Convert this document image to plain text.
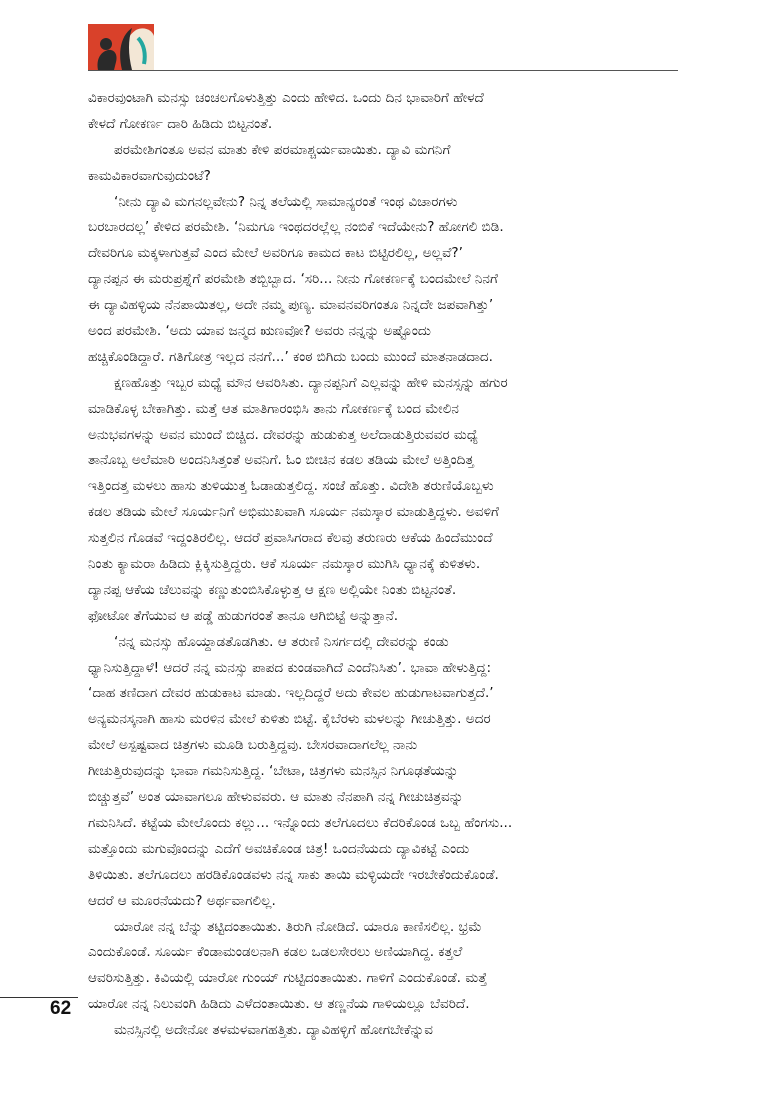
ವಿಕಾರವುಂಟಾಗಿ ಮನಸ್ಸು ಚಂಚಲಗೊಳುತ್ತಿತ್ತು ಎಂದು ಹೇಳಿದ. ಒಂದು ದಿನ ಭಾವಾರಿಗೆ ಹೇಳದೆ
ಕೇಳದೆ ಗೋಕರ್ಣ ದಾರಿ ಹಿಡಿದು ಬಿಟ್ಟನಂತೆ.
ಪರಮೇಶಿಗಂತೂ ಅವನ ಮಾತು ಕೇಳಿ ಪರಮಾಶ್ಚರ್ಯವಾಯಿತು. ದ್ಯಾವಿ ಮಗನಿಗೆ
ಕಾಮವಿಕಾರವಾಗುವುದುಂಟೆ?
‘ನೀನು ದ್ಯಾವಿ ಮಗನಲ್ಲವೇನು? ನಿನ್ನ ತಲೆಯಲ್ಲಿ ಸಾಮಾನ್ಯರಂತೆ ಇಂಥ ವಿಚಾರಗಳು
ಬರಬಾರದಲ್ಲ’ ಕೇಳಿದ ಪರಮೇಶಿ. ‘ನಿಮಗೂ ಇಂಥದರಲ್ಲೆಲ್ಲ ನಂಬಿಕೆ ಇದೆಯೇನು? ಹೋಗಲಿ ಬಿಡಿ.
ದೇವರಿಗೂ ಮಕ್ಕಳಾಗುತ್ತವೆ ಎಂದ ಮೇಲೆ ಅವರಿಗೂ ಕಾಮದ ಕಾಟ ಬಿಟ್ಟಿರಲಿಲ್ಲ, ಅಲ್ಲವೆ?’
ದ್ಯಾನಪ್ಪನ ಈ ಮರುಪ್ರಶ್ನೆಗೆ ಪರಮೇಶಿ ತಬ್ಬಿಬ್ಬಾದ. ‘ಸರಿ... ನೀನು ಗೋಕರ್ಣಕ್ಕೆ ಬಂದಮೇಲೆ ನಿನಗೆ
ಈ ದ್ಯಾವಿಹಳ್ಳಿಯ ನೆನಪಾಯಿತಲ್ಲ, ಅದೇ ನಮ್ಮ ಪುಣ್ಯ. ಮಾವನವರಿಗಂತೂ ನಿನ್ನದೇ ಜಪವಾಗಿತ್ತು’
ಅಂದ ಪರಮೇಶಿ. ‘ಅದು ಯಾವ ಜನ್ಮದ ಋಣವೋ? ಅವರು ನನ್ನನ್ನು ಅಷ್ಟೊಂದು
ಹಚ್ಚಿಕೊಂಡಿದ್ದಾರೆ. ಗತಿಗೋತ್ರ ಇಲ್ಲದ ನನಗೆ...’ ಕಂಠ ಬಿಗಿದು ಬಂದು ಮುಂದೆ ಮಾತನಾಡದಾದ.
ಕ್ಷಣಹೊತ್ತು ಇಬ್ಬರ ಮಧ್ಯೆ ಮೌನ ಆವರಿಸಿತು. ದ್ಯಾನಪ್ಪನಿಗೆ ಎಲ್ಲವನ್ನು ಹೇಳಿ ಮನಸ್ಸನ್ನು ಹಗುರ
ಮಾಡಿಕೊಳ್ಳ ಬೇಕಾಗಿತ್ತು. ಮತ್ತೆ ಆತ ಮಾತಿಗಾರಂಭಿಸಿ ತಾನು ಗೋಕರ್ಣಕ್ಕೆ ಬಂದ ಮೇಲಿನ
ಅನುಭವಗಳನ್ನು ಅವನ ಮುಂದೆ ಬಿಚ್ಚಿದ. ದೇವರನ್ನು ಹುಡುಕುತ್ತ ಅಲೆದಾಡುತ್ತಿರುವವರ ಮಧ್ಯೆ
ತಾನೊಬ್ಬ ಅಲೆಮಾರಿ ಅಂದನಿಸಿತ್ತಂತೆ ಅವನಿಗೆ. ಓಂ ಬೀಚಿನ ಕಡಲ ತಡಿಯ ಮೇಲೆ ಅತ್ತಿಂದಿತ್ತ
ಇತ್ತಿಂದತ್ತ ಮಳಲು ಹಾಸು ತುಳಿಯುತ್ತ ಓಡಾಡುತ್ತಲಿದ್ದ. ಸಂಜೆ ಹೊತ್ತು. ವಿದೇಶಿ ತರುಣಿಯೊಬ್ಬಳು
ಕಡಲ ತಡಿಯ ಮೇಲೆ ಸೂರ್ಯನಿಗೆ ಅಭಿಮುಖವಾಗಿ ಸೂರ್ಯ ನಮಸ್ಕಾರ ಮಾಡುತ್ತಿದ್ದಳು. ಅವಳಿಗೆ
ಸುತ್ತಲಿನ ಗೊಡವೆ ಇದ್ದಂತಿರಲಿಲ್ಲ. ಆದರೆ ಪ್ರವಾಸಿಗರಾದ ಕೆಲವು ತರುಣರು ಆಕೆಯ ಹಿಂದೆಮುಂದೆ
ನಿಂತು ಕ್ಯಾಮರಾ ಹಿಡಿದು ಕ್ಲಿಕ್ಕಿಸುತ್ತಿದ್ದರು. ಆಕೆ ಸೂರ್ಯ ನಮಸ್ಕಾರ ಮುಗಿಸಿ ಧ್ಯಾನಕ್ಕೆ ಕುಳಿತಳು.
ದ್ಯಾನಪ್ಪ ಆಕೆಯ ಚೆಲುವನ್ನು ಕಣ್ಣುತುಂಬಿಸಿಕೊಳ್ಳುತ್ತ ಆ ಕ್ಷಣ ಅಲ್ಲಿಯೇ ನಿಂತು ಬಿಟ್ಟನಂತೆ.
ಫೋಟೋ ತೆಗೆಯುವ ಆ ಪಡ್ಡೆ ಹುಡುಗರಂತೆ ತಾನೂ ಆಗಿಬಿಟ್ಟೆ ಅನ್ನುತ್ತಾನೆ.
‘ನನ್ನ ಮನಸ್ಸು ಹೊಯ್ದಾಡತೊಡಗಿತು. ಆ ತರುಣಿ ನಿಸರ್ಗದಲ್ಲಿ ದೇವರನ್ನು ಕಂಡು
ಧ್ಯಾನಿಸುತ್ತಿದ್ದಾಳೆ! ಆದರೆ ನನ್ನ ಮನಸ್ಸು ಪಾಪದ ಕುಂಡವಾಗಿದೆ ಎಂದೆನಿಸಿತು’. ಭಾವಾ ಹೇಳುತ್ತಿದ್ದ:
‘ದಾಹ ತಣಿದಾಗ ದೇವರ ಹುಡುಕಾಟ ಮಾಡು. ಇಲ್ಲದಿದ್ದರೆ ಅದು ಕೇವಲ ಹುಡುಗಾಟವಾಗುತ್ತದೆ.’
ಅನ್ಯಮನಸ್ಕನಾಗಿ ಹಾಸು ಮರಳಿನ ಮೇಲೆ ಕುಳಿತು ಬಿಟ್ಟೆ. ಕೈಬೆರಳು ಮಳಲನ್ನು ಗೀಚುತ್ತಿತ್ತು. ಅದರ
ಮೇಲೆ ಅಸ್ಪಷ್ಟವಾದ ಚಿತ್ರಗಳು ಮೂಡಿ ಬರುತ್ತಿದ್ದವು. ಬೇಸರವಾದಾಗಲೆಲ್ಲ ನಾನು
ಗೀಚುತ್ತಿರುವುದನ್ನು ಭಾವಾ ಗಮನಿಸುತ್ತಿದ್ದ. ‘ಬೇಟಾ, ಚಿತ್ರಗಳು ಮನಸ್ಸಿನ ನಿಗೂಢತೆಯನ್ನು
ಬಿಚ್ಚುತ್ತವೆ’ ಅಂತ ಯಾವಾಗಲೂ ಹೇಳುವವರು. ಆ ಮಾತು ನೆನಪಾಗಿ ನನ್ನ ಗೀಚುಚಿತ್ರವನ್ನು
ಗಮನಿಸಿದೆ. ಕಟ್ಟೆಯ ಮೇಲೊಂದು ಕಲ್ಲು... ಇನ್ನೊಂದು ತಲೆಗೂದಲು ಕೆದರಿಕೊಂಡ ಒಬ್ಬ ಹೆಂಗಸು...
ಮತ್ತೊಂದು ಮಗುವೊಂದನ್ನು ಎದೆಗೆ ಅವಚಿಕೊಂಡ ಚಿತ್ರ! ಒಂದನೆಯದು ದ್ಯಾವಿಕಟ್ಟೆ ಎಂದು
ತಿಳಿಯಿತು. ತಲೆಗೂದಲು ಹರಡಿಕೊಂಡವಳು ನನ್ನ ಸಾಕು ತಾಯಿ ಮಳ್ಳಿಯದೇ ಇರಬೇಕೆಂದುಕೊಂಡೆ.
ಆದರೆ ಆ ಮೂರನೆಯದು? ಅರ್ಥವಾಗಲಿಲ್ಲ.
ಯಾರೋ ನನ್ನ ಬೆನ್ನು ತಟ್ಟಿದಂತಾಯಿತು. ತಿರುಗಿ ನೋಡಿದೆ. ಯಾರೂ ಕಾಣಿಸಲಿಲ್ಲ. ಭ್ರಮೆ
ಎಂದುಕೊಂಡೆ. ಸೂರ್ಯ ಕೆಂಡಾಮಂಡಲನಾಗಿ ಕಡಲ ಒಡಲಸೇರಲು ಅಣಿಯಾಗಿದ್ದ. ಕತ್ತಲೆ
ಆವರಿಸುತ್ತಿತ್ತು. ಕಿವಿಯಲ್ಲಿ ಯಾರೋ ಗುಂಯ್ ಗುಟ್ಟಿದಂತಾಯಿತು. ಗಾಳಿಗೆ ಎಂದುಕೊಂಡೆ. ಮತ್ತೆ
ಯಾರೋ ನನ್ನ ನಿಲುವಂಗಿ ಹಿಡಿದು ಎಳೆದಂತಾಯಿತು. ಆ ತಣ್ಣನೆಯ ಗಾಳಿಯಲ್ಲೂ ಬೆವರಿದೆ.
ಮನಸ್ಸಿನಲ್ಲಿ ಅದೇನೋ ತಳಮಳವಾಗಹತ್ತಿತು. ದ್ಯಾವಿಹಳ್ಳಿಗೆ ಹೋಗಬೇಕೆನ್ನುವ
62
